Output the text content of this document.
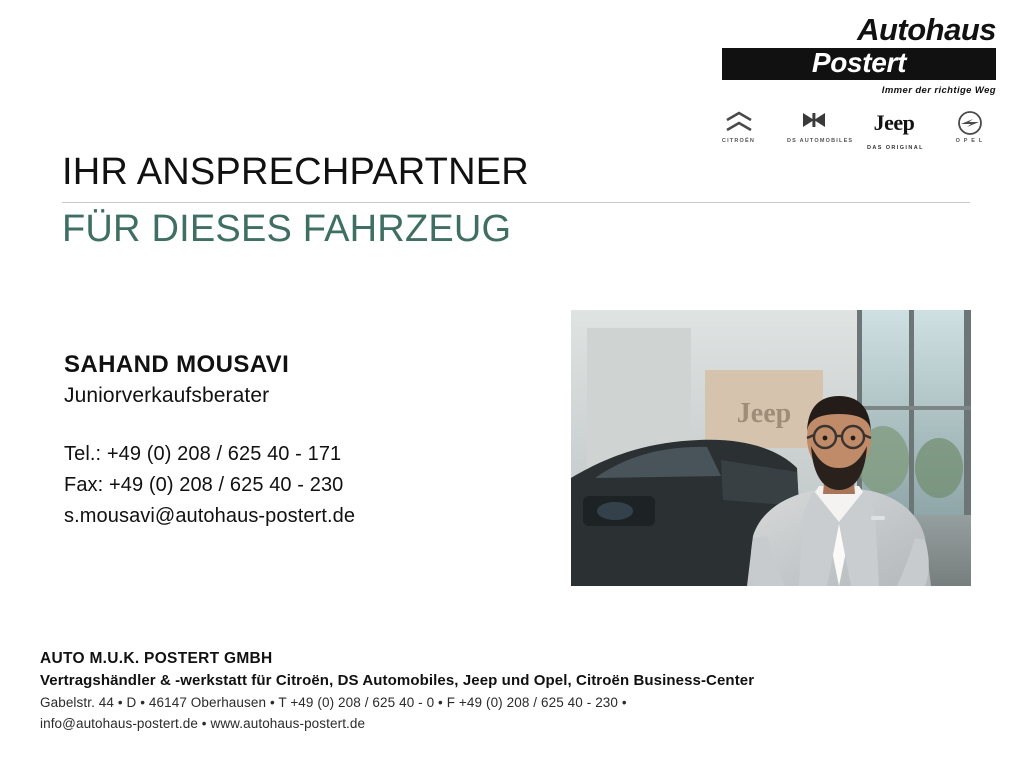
Autohaus
Postert
Immer der richtige Weg
CITROËN	DS AUTOMOBILES
Jeep DAS ORIGINAL
O P E L
IHR ANSPRECHPARTNER
FÜR DIESES FAHRZEUG
SAHAND MOUSAVI
Juniorverkaufsberater
Tel.: +49 (0) 208 / 625 40 - 171
Fax: +49 (0) 208 / 625 40 - 230
s.mousavi@autohaus-postert.de
Jeep
AUTO M.U.K. POSTERT GMBH
Vertragshändler & -werkstatt für Citroën, DS Automobiles, Jeep und Opel, Citroën Business-Center
Gabelstr. 44 • D • 46147 Oberhausen • T +49 (0) 208 / 625 40 - 0 • F +49 (0) 208 / 625 40 - 230 •
info@autohaus-postert.de • www.autohaus-postert.de
